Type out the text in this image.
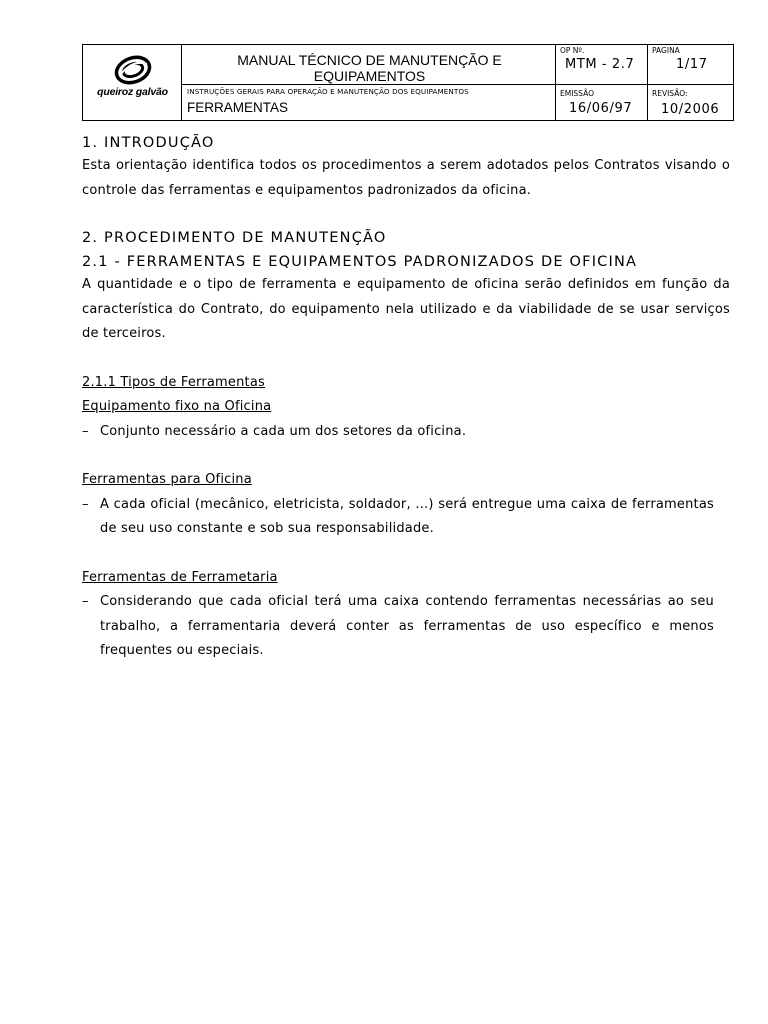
queiroz galvão
MANUAL TÉCNICO DE MANUTENÇÃO E
EQUIPAMENTOS
INSTRUÇÕES GERAIS PARA OPERAÇÃO E MANUTENÇÃO DOS EQUIPAMENTOS
FERRAMENTAS
OP Nº.
MTM - 2.7
PAGINA
1/17
EMISSÃO
16/06/97
REVISÃO:
10/2006

1. INTRODUÇÃO

Esta orientação identifica todos os procedimentos a serem adotados pelos Contratos visando o controle das ferramentas e equipamentos padronizados da oficina.

2. PROCEDIMENTO DE MANUTENÇÃO

2.1 - FERRAMENTAS E EQUIPAMENTOS PADRONIZADOS DE OFICINA

A quantidade e o tipo de ferramenta e equipamento de oficina serão definidos em função da característica do Contrato, do equipamento nela utilizado e da viabilidade de se usar serviços de terceiros.

2.1.1 Tipos de Ferramentas

Equipamento fixo na Oficina

– Conjunto necessário a cada um dos setores da oficina.

Ferramentas para Oficina

– A cada oficial (mecânico, eletricista, soldador, ...) será entregue uma caixa de ferramentas de seu uso constante e sob sua responsabilidade.

Ferramentas de Ferrametaria

– Considerando que cada oficial terá uma caixa contendo ferramentas necessárias ao seu trabalho, a ferramentaria deverá conter as ferramentas de uso específico e menos frequentes ou especiais.
